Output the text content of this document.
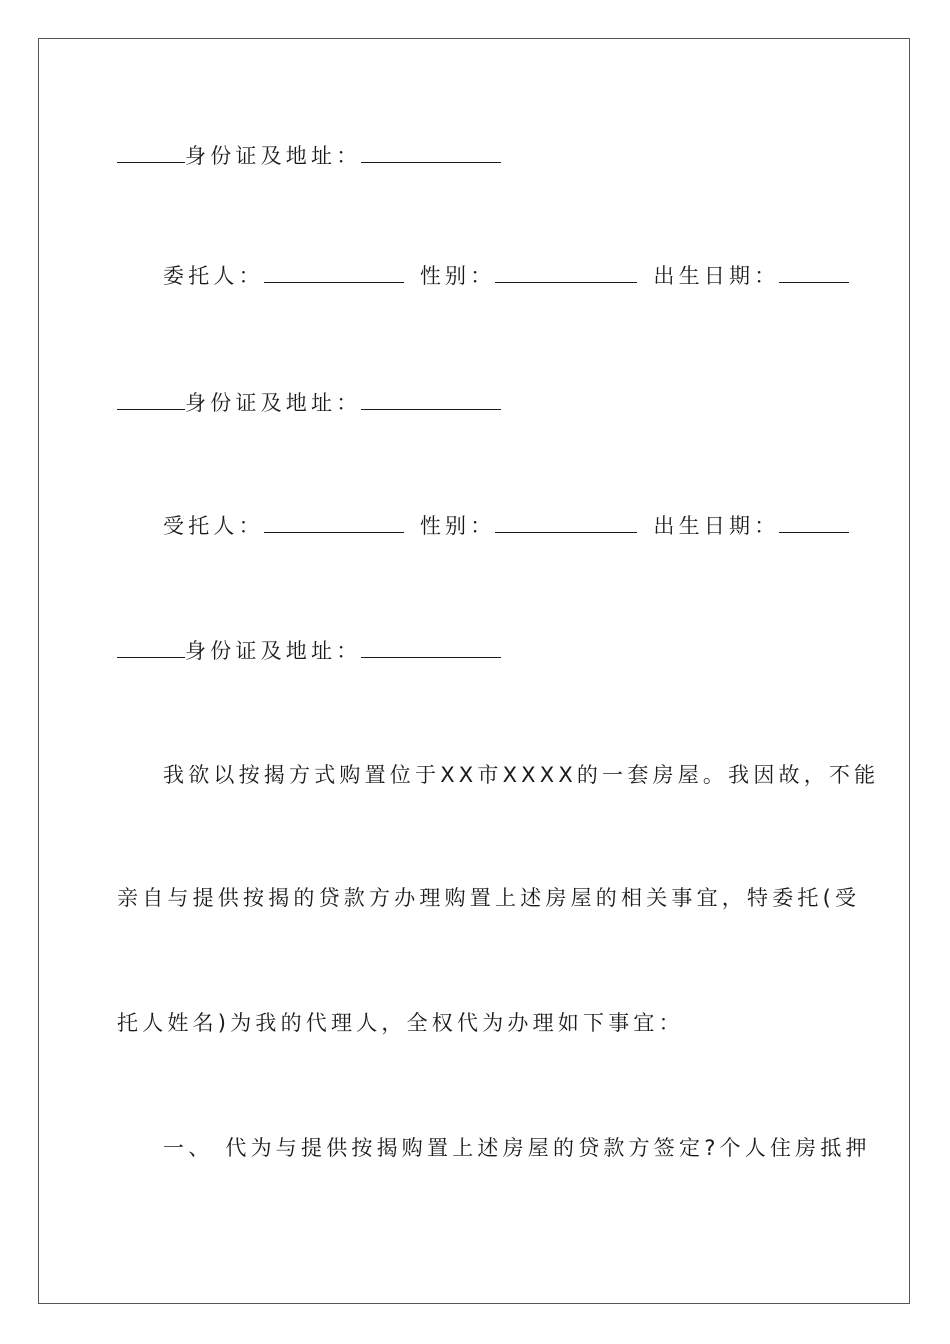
身份证及地址：
委托人：	性别：	出生日期：
身份证及地址：
受托人：	性别：	出生日期：
身份证及地址：
我欲以按揭方式购置位于XX市XXXX的一套房屋。我因故，不能
亲自与提供按揭的贷款方办理购置上述房屋的相关事宜，特委托(受
托人姓名)为我的代理人，全权代为办理如下事宜：
一、 代为与提供按揭购置上述房屋的贷款方签定?个人住房抵押
